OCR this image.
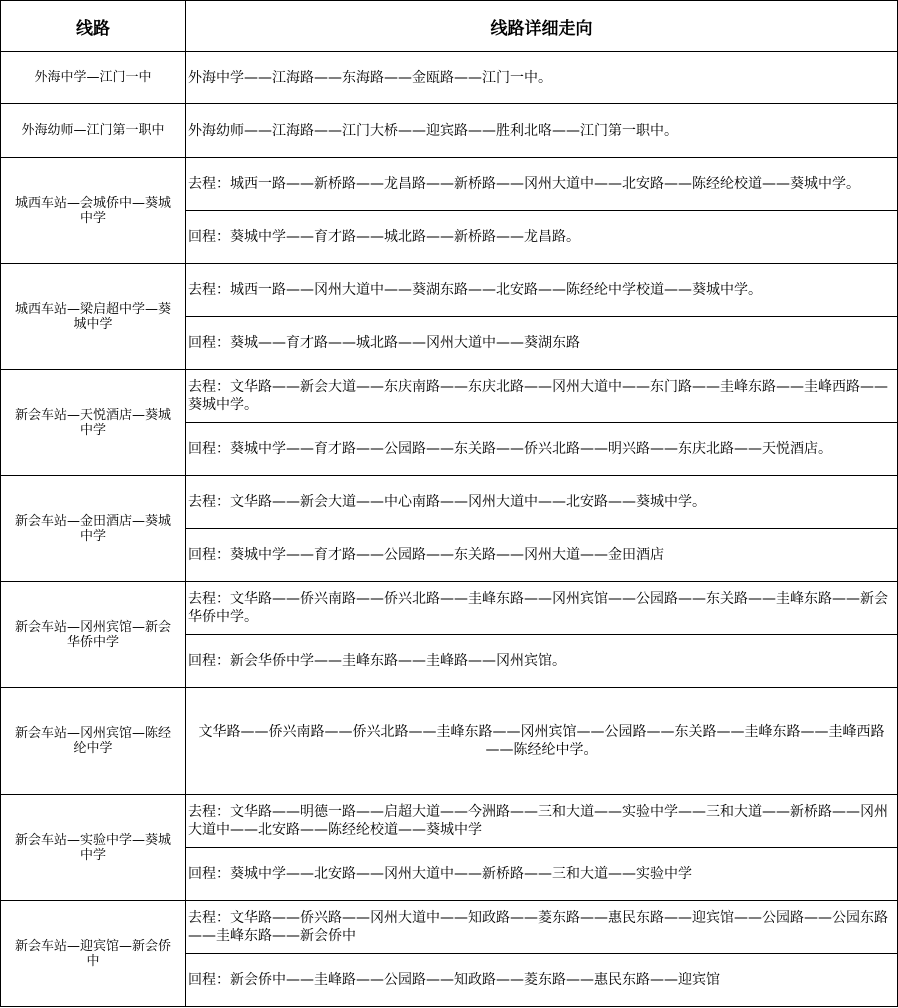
线路	线路详细走向
外海中学—江门一中	外海中学——江海路——东海路——金瓯路——江门一中。
外海幼师—江门第一职中	外海幼师——江海路——江门大桥——迎宾路——胜利北咯——江门第一职中。
城西车站—会城侨中—葵城中学	去程：城西一路——新桥路——龙昌路——新桥路——冈州大道中——北安路——陈经纶校道——葵城中学。
	回程：葵城中学——育才路——城北路——新桥路——龙昌路。
城西车站—梁启超中学—葵城中学	去程：城西一路——冈州大道中——葵湖东路——北安路——陈经纶中学校道——葵城中学。
	回程：葵城——育才路——城北路——冈州大道中——葵湖东路
新会车站—天悦酒店—葵城中学	去程：文华路——新会大道——东庆南路——东庆北路——冈州大道中——东门路——圭峰东路——圭峰西路——葵城中学。
	回程：葵城中学——育才路——公园路——东关路——侨兴北路——明兴路——东庆北路——天悦酒店。
新会车站—金田酒店—葵城中学	去程：文华路——新会大道——中心南路——冈州大道中——北安路——葵城中学。
	回程：葵城中学——育才路——公园路——东关路——冈州大道——金田酒店
新会车站—冈州宾馆—新会华侨中学	去程：文华路——侨兴南路——侨兴北路——圭峰东路——冈州宾馆——公园路——东关路——圭峰东路——新会华侨中学。
	回程：新会华侨中学——圭峰东路——圭峰路——冈州宾馆。
新会车站—冈州宾馆—陈经纶中学	文华路——侨兴南路——侨兴北路——圭峰东路——冈州宾馆——公园路——东关路——圭峰东路——圭峰西路——陈经纶中学。
新会车站—实验中学—葵城中学	去程：文华路——明德一路——启超大道——今洲路——三和大道——实验中学——三和大道——新桥路——冈州大道中——北安路——陈经纶校道——葵城中学
	回程：葵城中学——北安路——冈州大道中——新桥路——三和大道——实验中学
新会车站—迎宾馆—新会侨中	去程：文华路——侨兴路——冈州大道中——知政路——菱东路——惠民东路——迎宾馆——公园路——公园东路——圭峰东路——新会侨中
	回程：新会侨中——圭峰路——公园路——知政路——菱东路——惠民东路——迎宾馆
